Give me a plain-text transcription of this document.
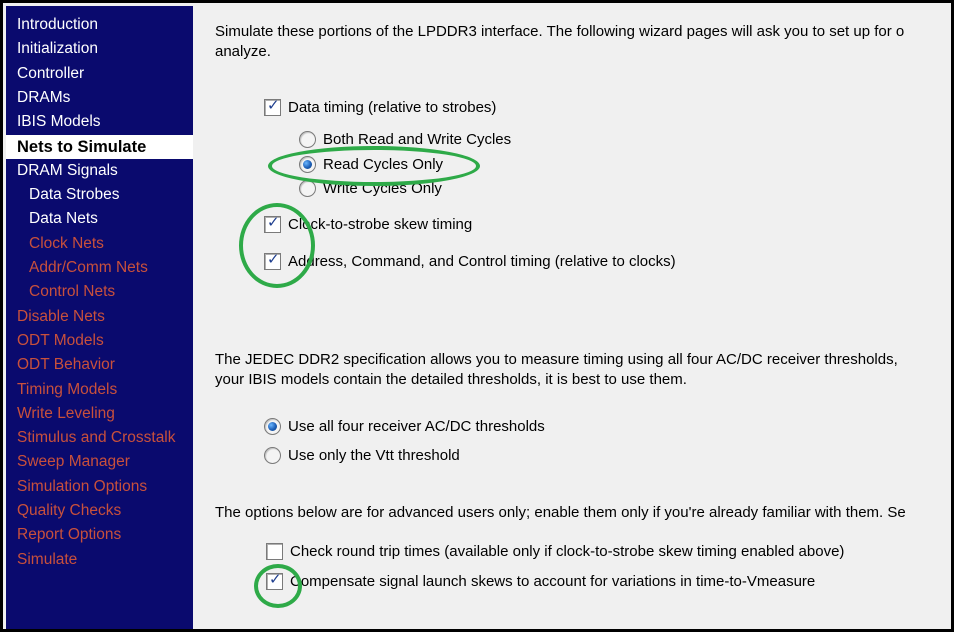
Introduction
Initialization
Controller
DRAMs
IBIS Models
Nets to Simulate
DRAM Signals
Data Strobes
Data Nets
Clock Nets
Addr/Comm Nets
Control Nets
Disable Nets
ODT Models
ODT Behavior
Timing Models
Write Leveling
Stimulus and Crosstalk
Sweep Manager
Simulation Options
Quality Checks
Report Options
Simulate
Simulate these portions of the LPDDR3 interface. The following wizard pages will ask you to set up for o
analyze.
✓ Data timing (relative to strobes)
Both Read and Write Cycles
Read Cycles Only
Write Cycles Only
✓ Clock-to-strobe skew timing
✓ Address, Command, and Control timing (relative to clocks)
The JEDEC DDR2 specification allows you to measure timing using all four AC/DC receiver thresholds,
your IBIS models contain the detailed thresholds, it is best to use them.
Use all four receiver AC/DC thresholds
Use only the Vtt threshold
The options below are for advanced users only; enable them only if you're already familiar with them. Se
Check round trip times (available only if clock-to-strobe skew timing enabled above)
✓ Compensate signal launch skews to account for variations in time-to-Vmeasure
